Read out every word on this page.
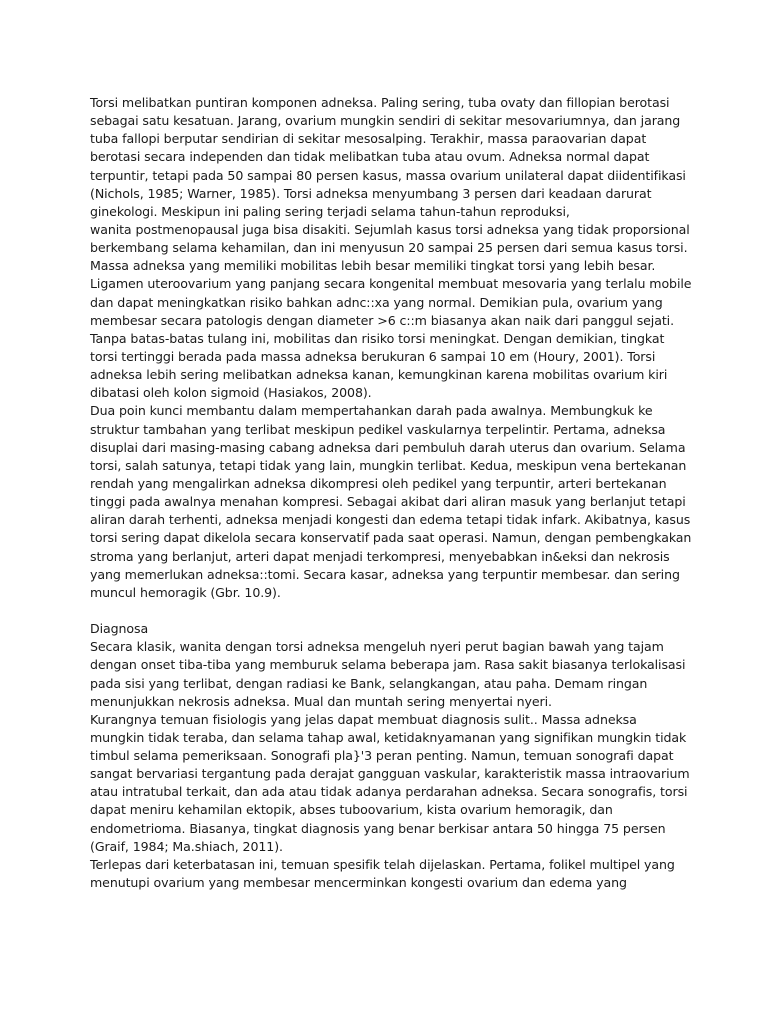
Torsi melibatkan puntiran komponen adneksa. Paling sering, tuba ovaty dan fillopian berotasi
sebagai satu kesatuan. Jarang, ovarium mungkin sendiri di sekitar mesovariumnya, dan jarang
tuba fallopi berputar sendirian di sekitar mesosalping. Terakhir, massa paraovarian dapat
berotasi secara independen dan tidak melibatkan tuba atau ovum. Adneksa normal dapat
terpuntir, tetapi pada 50 sampai 80 persen kasus, massa ovarium unilateral dapat diidentifikasi
(Nichols, 1985; Warner, 1985). Torsi adneksa menyumbang 3 persen dari keadaan darurat
ginekologi. Meskipun ini paling sering terjadi selama tahun-tahun reproduksi,
wanita postmenopausal juga bisa disakiti. Sejumlah kasus torsi adneksa yang tidak proporsional
berkembang selama kehamilan, dan ini menyusun 20 sampai 25 persen dari semua kasus torsi.
Massa adneksa yang memiliki mobilitas lebih besar memiliki tingkat torsi yang lebih besar.
Ligamen uteroovarium yang panjang secara kongenital membuat mesovaria yang terlalu mobile
dan dapat meningkatkan risiko bahkan adnc::xa yang normal. Demikian pula, ovarium yang
membesar secara patologis dengan diameter >6 c::m biasanya akan naik dari panggul sejati.
Tanpa batas-batas tulang ini, mobilitas dan risiko torsi meningkat. Dengan demikian, tingkat
torsi tertinggi berada pada massa adneksa berukuran 6 sampai 10 em (Houry, 2001). Torsi
adneksa lebih sering melibatkan adneksa kanan, kemungkinan karena mobilitas ovarium kiri
dibatasi oleh kolon sigmoid (Hasiakos, 2008).
Dua poin kunci membantu dalam mempertahankan darah pada awalnya. Membungkuk ke
struktur tambahan yang terlibat meskipun pedikel vaskularnya terpelintir. Pertama, adneksa
disuplai dari masing-masing cabang adneksa dari pembuluh darah uterus dan ovarium. Selama
torsi, salah satunya, tetapi tidak yang lain, mungkin terlibat. Kedua, meskipun vena bertekanan
rendah yang mengalirkan adneksa dikompresi oleh pedikel yang terpuntir, arteri bertekanan
tinggi pada awalnya menahan kompresi. Sebagai akibat dari aliran masuk yang berlanjut tetapi
aliran darah terhenti, adneksa menjadi kongesti dan edema tetapi tidak infark. Akibatnya, kasus
torsi sering dapat dikelola secara konservatif pada saat operasi. Namun, dengan pembengkakan
stroma yang berlanjut, arteri dapat menjadi terkompresi, menyebabkan in&eksi dan nekrosis
yang memerlukan adneksa::tomi. Secara kasar, adneksa yang terpuntir membesar. dan sering
muncul hemoragik (Gbr. 10.9).
Diagnosa
Secara klasik, wanita dengan torsi adneksa mengeluh nyeri perut bagian bawah yang tajam
dengan onset tiba-tiba yang memburuk selama beberapa jam. Rasa sakit biasanya terlokalisasi
pada sisi yang terlibat, dengan radiasi ke Bank, selangkangan, atau paha. Demam ringan
menunjukkan nekrosis adneksa. Mual dan muntah sering menyertai nyeri.
Kurangnya temuan fisiologis yang jelas dapat membuat diagnosis sulit.. Massa adneksa
mungkin tidak teraba, dan selama tahap awal, ketidaknyamanan yang signifikan mungkin tidak
timbul selama pemeriksaan. Sonografi pla}'3 peran penting. Namun, temuan sonografi dapat
sangat bervariasi tergantung pada derajat gangguan vaskular, karakteristik massa intraovarium
atau intratubal terkait, dan ada atau tidak adanya perdarahan adneksa. Secara sonografis, torsi
dapat meniru kehamilan ektopik, abses tuboovarium, kista ovarium hemoragik, dan
endometrioma. Biasanya, tingkat diagnosis yang benar berkisar antara 50 hingga 75 persen
(Graif, 1984; Ma.shiach, 2011).
Terlepas dari keterbatasan ini, temuan spesifik telah dijelaskan. Pertama, folikel multipel yang
menutupi ovarium yang membesar mencerminkan kongesti ovarium dan edema yang
